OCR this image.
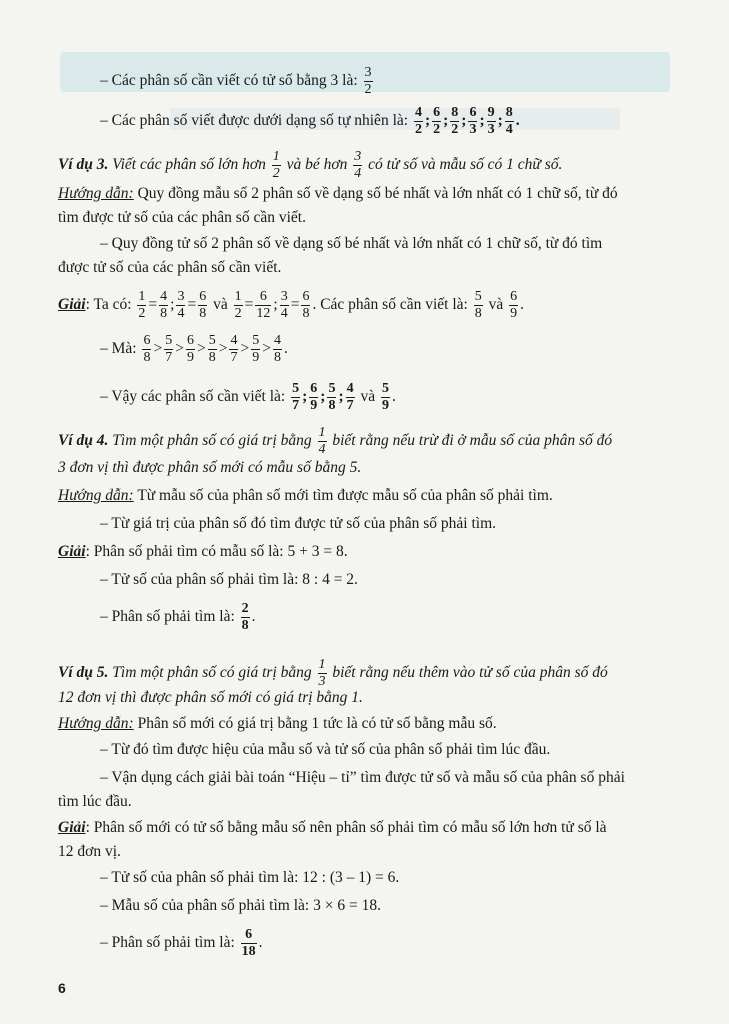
– Các phân số cần viết có tử số bằng 3 là: $\frac{3}{2}$
– Các phân số viết được dưới dạng số tự nhiên là: $\frac{4}{2}$ ; $\frac{6}{2}$ ; $\frac{8}{2}$ ; $\frac{6}{3}$ ; $\frac{9}{3}$ ; $\frac{8}{4}$ .
Ví dụ 3. Viết các phân số lớn hơn $\frac{1}{2}$ và bé hơn $\frac{3}{4}$ có tử số và mẫu số có 1 chữ số.
Hướng dẫn: Quy đồng mẫu số 2 phân số về dạng số bé nhất và lớn nhất có 1 chữ số, từ đó
tìm được tử số của các phân số cần viết.
– Quy đồng tử số 2 phân số về dạng số bé nhất và lớn nhất có 1 chữ số, từ đó tìm
được tử số của các phân số cần viết.
Giải: Ta có: $\frac{1}{2} = \frac{4}{8}$ ; $\frac{3}{4} = \frac{6}{8}$ và $\frac{1}{2} = \frac{6}{12}$ ; $\frac{3}{4} = \frac{6}{8}$ . Các phân số cần viết là: $\frac{5}{8}$ và $\frac{6}{9}$ .
– Mà: $\frac{6}{8} > \frac{5}{7} > \frac{6}{9} > \frac{5}{8} > \frac{4}{7} > \frac{5}{9} > \frac{4}{8}$ .
– Vậy các phân số cần viết là: $\frac{5}{7}$ ; $\frac{6}{9}$ ; $\frac{5}{8}$ ; $\frac{4}{7}$ và $\frac{5}{9}$ .
Ví dụ 4. Tìm một phân số có giá trị bằng $\frac{1}{4}$ biết rằng nếu trừ đi ở mẫu số của phân số đó
3 đơn vị thì được phân số mới có mẫu số bằng 5.
Hướng dẫn: Từ mẫu số của phân số mới tìm được mẫu số của phân số phải tìm.
– Từ giá trị của phân số đó tìm được tử số của phân số phải tìm.
Giải: Phân số phải tìm có mẫu số là: 5 + 3 = 8.
– Tử số của phân số phải tìm là: 8 : 4 = 2.
– Phân số phải tìm là: $\frac{2}{8}$ .
Ví dụ 5. Tìm một phân số có giá trị bằng $\frac{1}{3}$ biết rằng nếu thêm vào tử số của phân số đó
12 đơn vị thì được phân số mới có giá trị bằng 1.
Hướng dẫn: Phân số mới có giá trị bằng 1 tức là có tử số bằng mẫu số.
– Từ đó tìm được hiệu của mẫu số và tử số của phân số phải tìm lúc đầu.
– Vận dụng cách giải bài toán “Hiệu – tỉ” tìm được tử số và mẫu số của phân số phải
tìm lúc đầu.
Giải: Phân số mới có tử số bằng mẫu số nên phân số phải tìm có mẫu số lớn hơn tử số là
12 đơn vị.
– Tử số của phân số phải tìm là: 12 : (3 – 1) = 6.
– Mẫu số của phân số phải tìm là: 3 × 6 = 18.
– Phân số phải tìm là: $\frac{6}{18}$ .
6
